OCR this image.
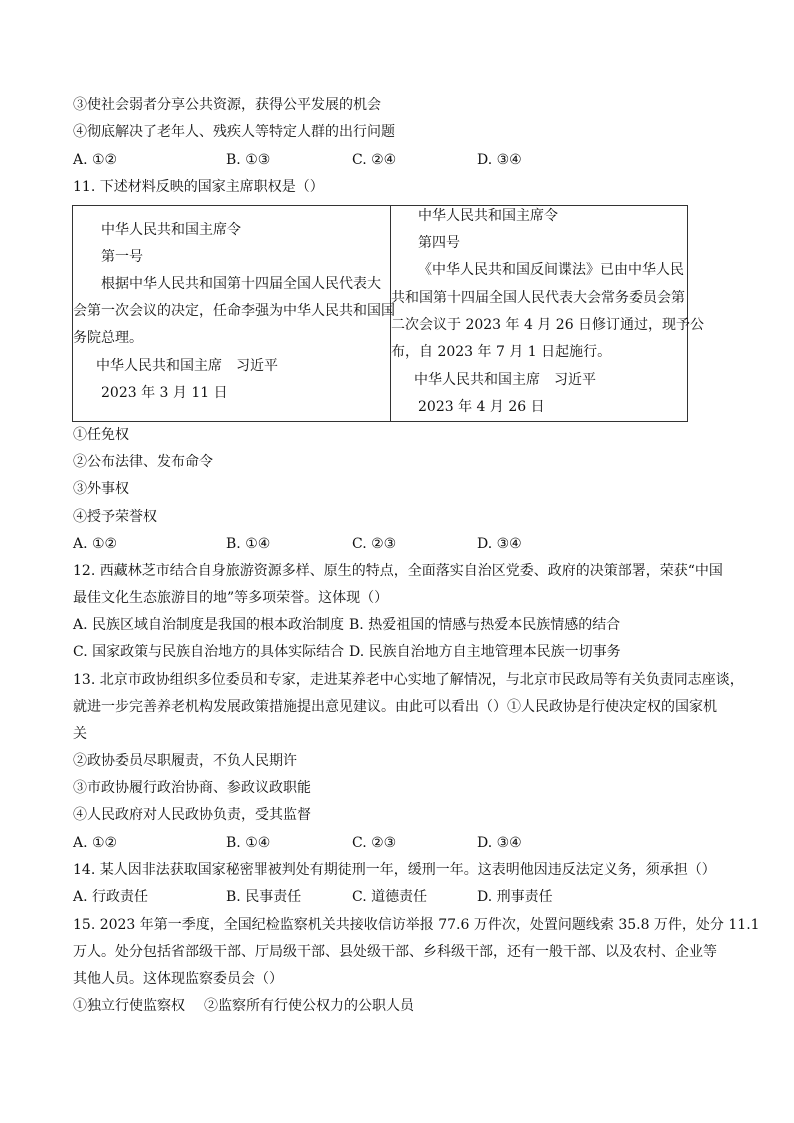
③使社会弱者分享公共资源，获得公平发展的机会
④彻底解决了老年人、残疾人等特定人群的出行问题
A. ①②	B. ①③	C. ②④	D. ③④
11. 下述材料反映的国家主席职权是（）
中华人民共和国主席令
第一号
根据中华人民共和国第十四届全国人民代表大
会第一次会议的决定，任命李强为中华人民共和国国
务院总理。
中华人民共和国主席　习近平
2023 年 3 月 11 日
中华人民共和国主席令
第四号
《中华人民共和国反间谍法》已由中华人民
共和国第十四届全国人民代表大会常务委员会第
二次会议于 2023 年 4 月 26 日修订通过，现予公
布，自 2023 年 7 月 1 日起施行。
中华人民共和国主席　习近平
2023 年 4 月 26 日
①任免权
②公布法律、发布命令
③外事权
④授予荣誉权
A. ①②	B. ①④	C. ②③	D. ③④
12. 西藏林芝市结合自身旅游资源多样、原生的特点，全面落实自治区党委、政府的决策部署，荣获“中国
最佳文化生态旅游目的地”等多项荣誉。这体现（）
A. 民族区域自治制度是我国的根本政治制度 B. 热爱祖国的情感与热爱本民族情感的结合
C. 国家政策与民族自治地方的具体实际结合 D. 民族自治地方自主地管理本民族一切事务
13. 北京市政协组织多位委员和专家，走进某养老中心实地了解情况，与北京市民政局等有关负责同志座谈，
就进一步完善养老机构发展政策措施提出意见建议。由此可以看出（）①人民政协是行使决定权的国家机
关
②政协委员尽职履责，不负人民期许
③市政协履行政治协商、参政议政职能
④人民政府对人民政协负责，受其监督
A. ①②	B. ①④	C. ②③	D. ③④
14. 某人因非法获取国家秘密罪被判处有期徒刑一年，缓刑一年。这表明他因违反法定义务，须承担（）
A. 行政责任	B. 民事责任	C. 道德责任	D. 刑事责任
15. 2023 年第一季度，全国纪检监察机关共接收信访举报 77.6 万件次，处置问题线索 35.8 万件，处分 11.1
万人。处分包括省部级干部、厅局级干部、县处级干部、乡科级干部，还有一般干部、以及农村、企业等
其他人员。这体现监察委员会（）
①独立行使监察权 ②监察所有行使公权力的公职人员
